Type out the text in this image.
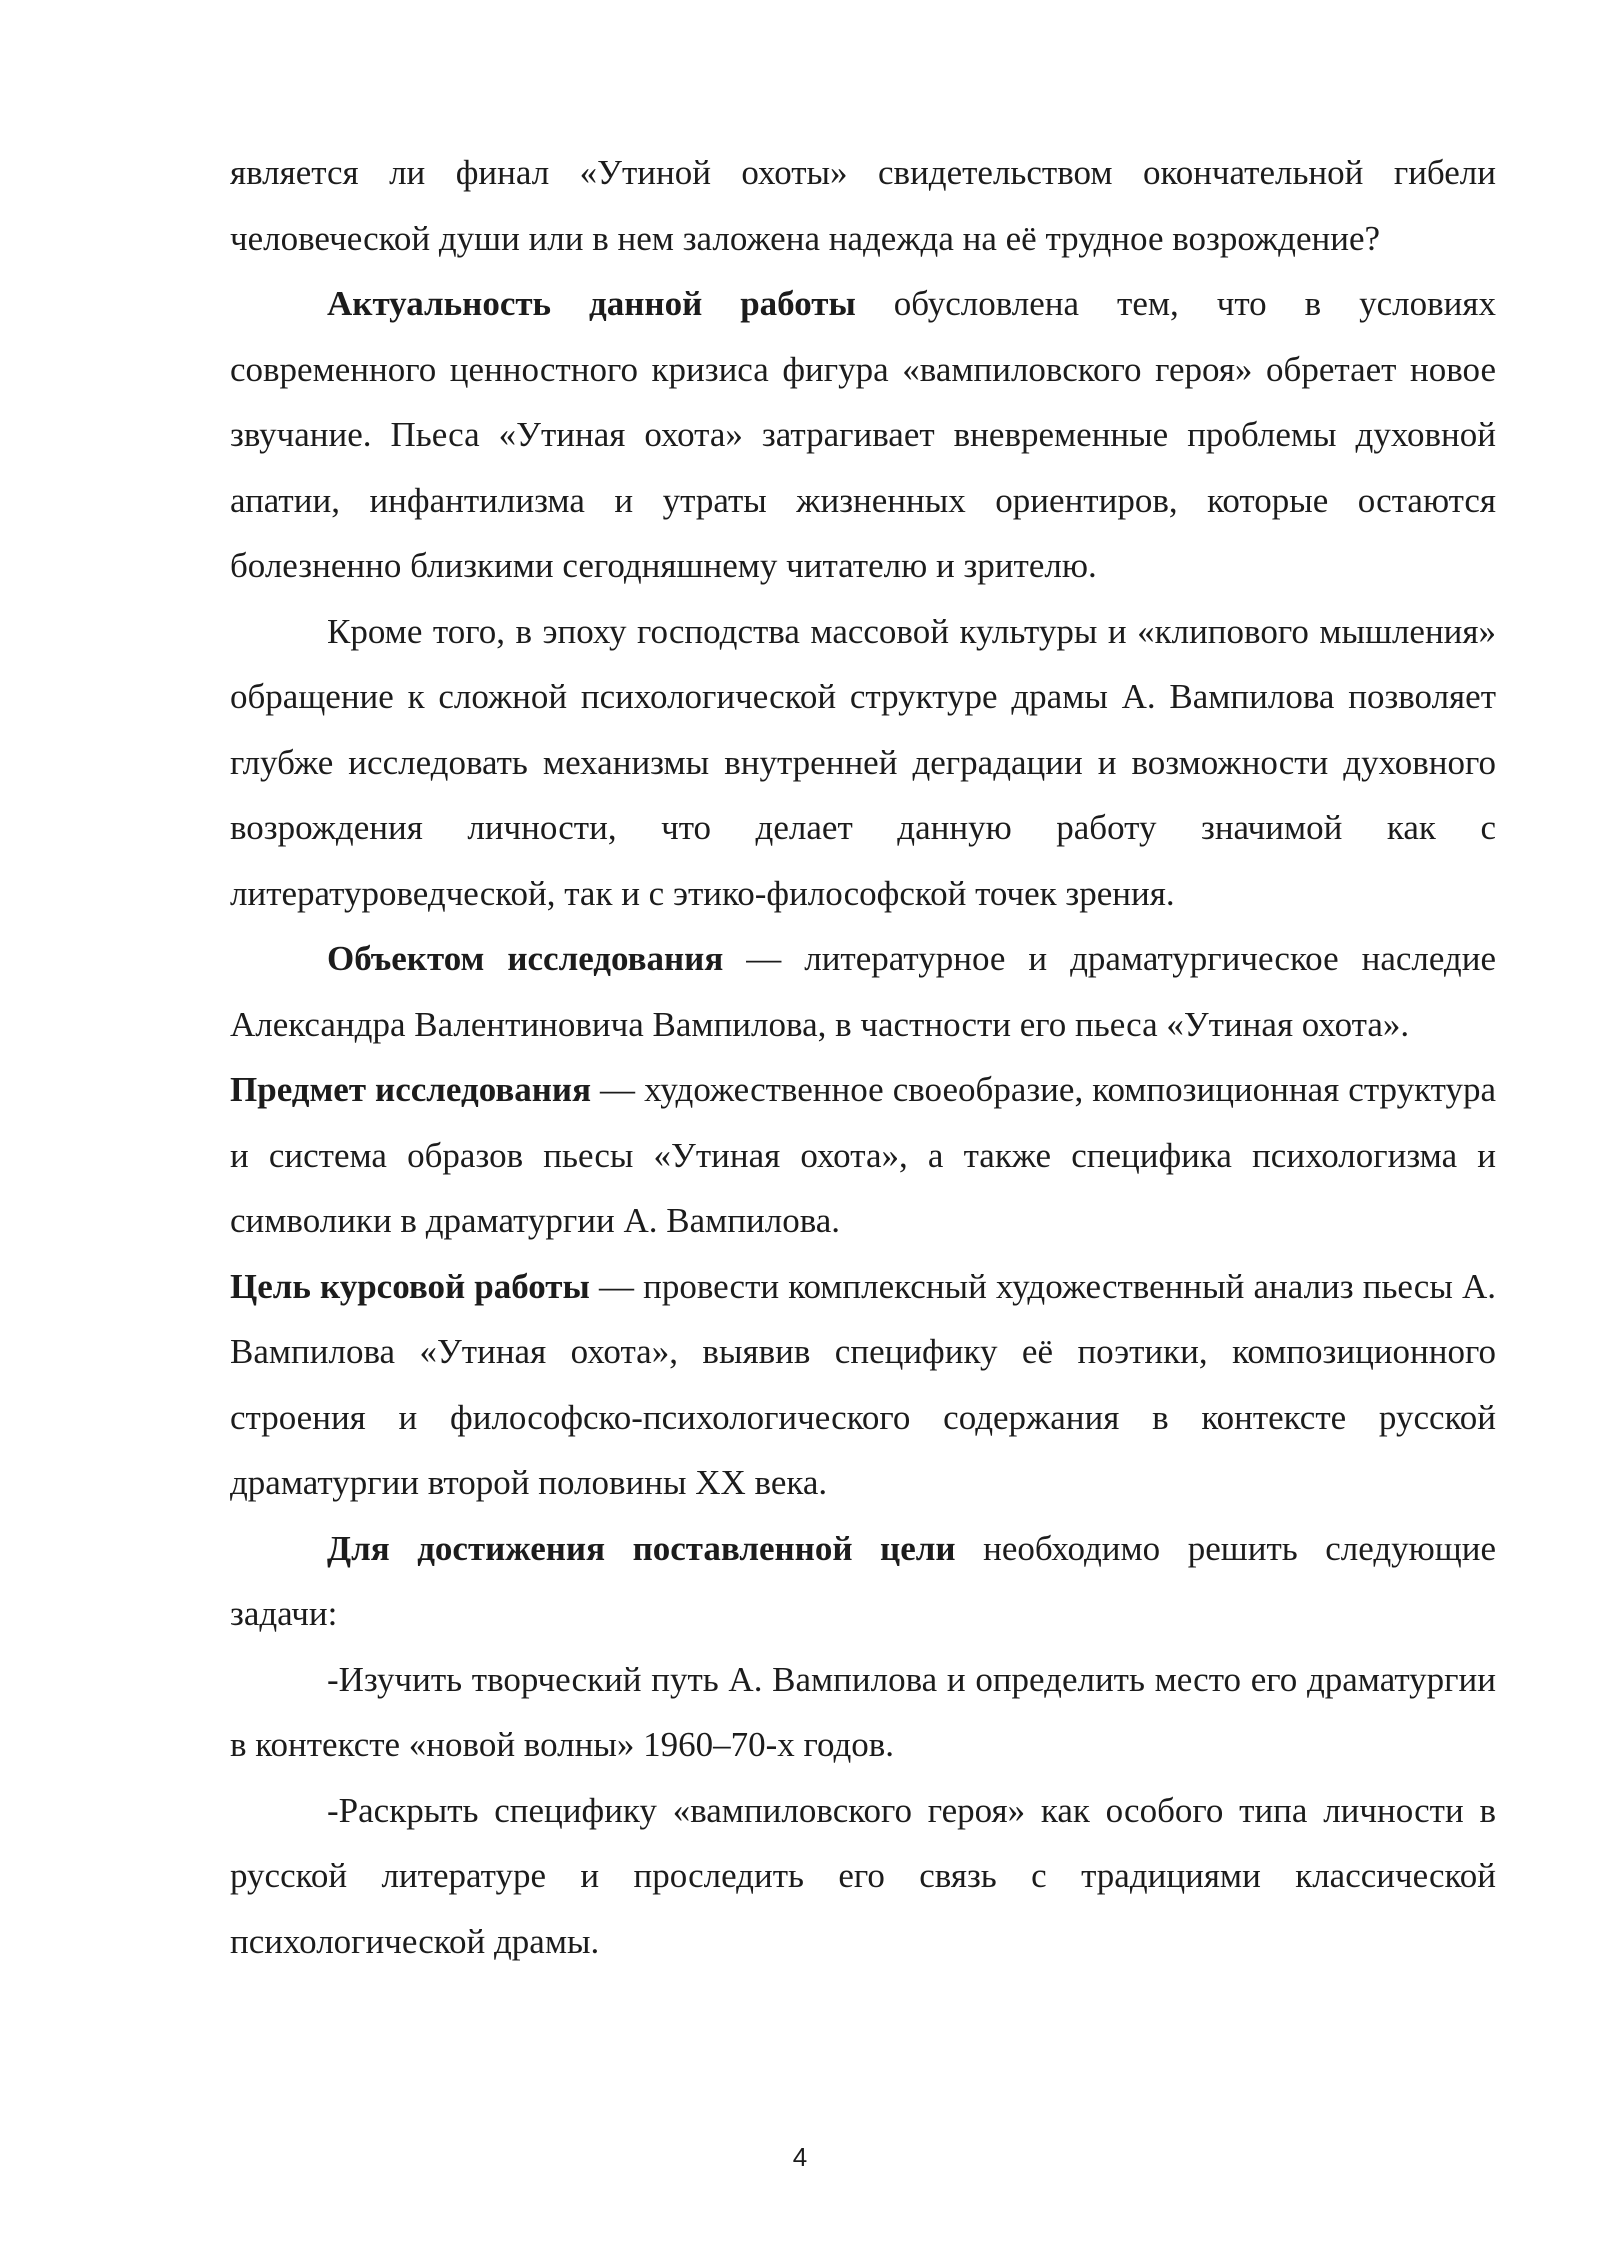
является ли финал «Утиной охоты» свидетельством окончательной гибели человеческой души или в нем заложена надежда на её трудное возрождение?

Актуальность данной работы обусловлена тем, что в условиях современного ценностного кризиса фигура «вампиловского героя» обретает новое звучание. Пьеса «Утиная охота» затрагивает вневременные проблемы духовной апатии, инфантилизма и утраты жизненных ориентиров, которые остаются болезненно близкими сегодняшнему читателю и зрителю.

Кроме того, в эпоху господства массовой культуры и «клипового мышления» обращение к сложной психологической структуре драмы А. Вампилова позволяет глубже исследовать механизмы внутренней деградации и возможности духовного возрождения личности, что делает данную работу значимой как с литературоведческой, так и с этико-философской точек зрения.

Объектом исследования — литературное и драматургическое наследие Александра Валентиновича Вампилова, в частности его пьеса «Утиная охота».

Предмет исследования — художественное своеобразие, композиционная структура и система образов пьесы «Утиная охота», а также специфика психологизма и символики в драматургии А. Вампилова.

Цель курсовой работы — провести комплексный художественный анализ пьесы А. Вампилова «Утиная охота», выявив специфику её поэтики, композиционного строения и философско-психологического содержания в контексте русской драматургии второй половины XX века.

Для достижения поставленной цели необходимо решить следующие задачи:

-Изучить творческий путь А. Вампилова и определить место его драматургии в контексте «новой волны» 1960–70-х годов.

-Раскрыть специфику «вампиловского героя» как особого типа личности в русской литературе и проследить его связь с традициями классической психологической драмы.

4
